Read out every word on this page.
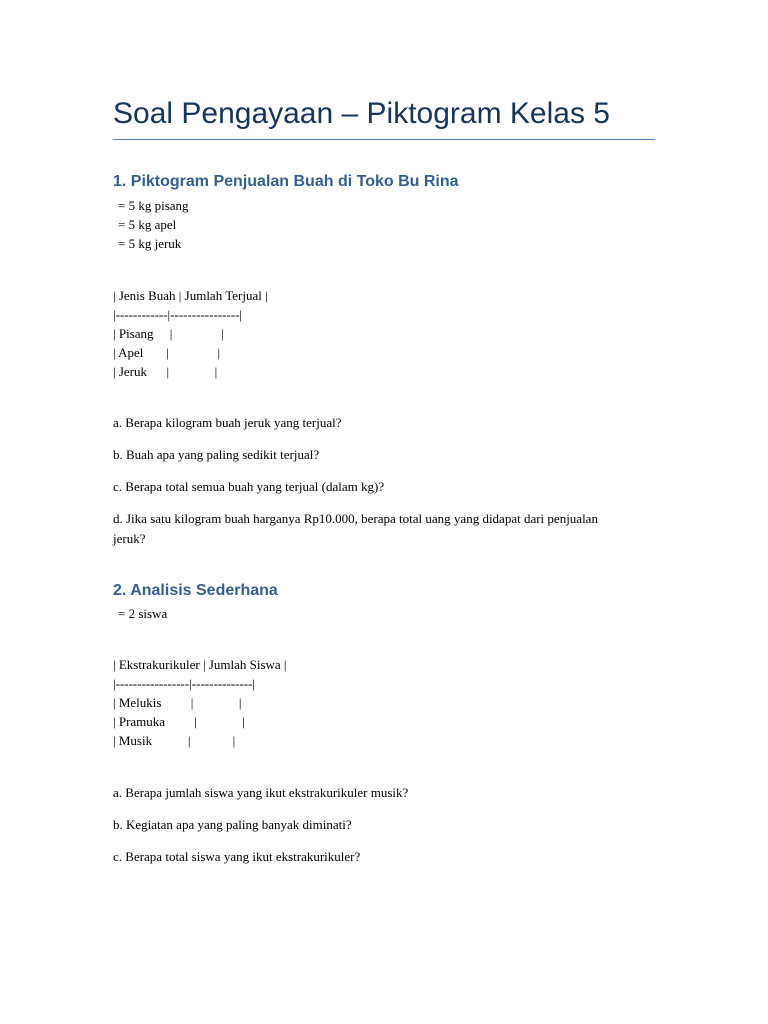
Soal Pengayaan – Piktogram Kelas 5
1. Piktogram Penjualan Buah di Toko Bu Rina
= 5 kg pisang
= 5 kg apel
= 5 kg jeruk
| Jenis Buah | Jumlah Terjual |
|------------|----------------|
| Pisang     |               |
| Apel       |               |
| Jeruk      |              |
a. Berapa kilogram buah jeruk yang terjual?
b. Buah apa yang paling sedikit terjual?
c. Berapa total semua buah yang terjual (dalam kg)?
d. Jika satu kilogram buah harganya Rp10.000, berapa total uang yang didapat dari penjualan jeruk?
2. Analisis Sederhana
= 2 siswa
| Ekstrakurikuler | Jumlah Siswa |
|-----------------|--------------|
| Melukis         |              |
| Pramuka         |              |
| Musik           |             |
a. Berapa jumlah siswa yang ikut ekstrakurikuler musik?
b. Kegiatan apa yang paling banyak diminati?
c. Berapa total siswa yang ikut ekstrakurikuler?
